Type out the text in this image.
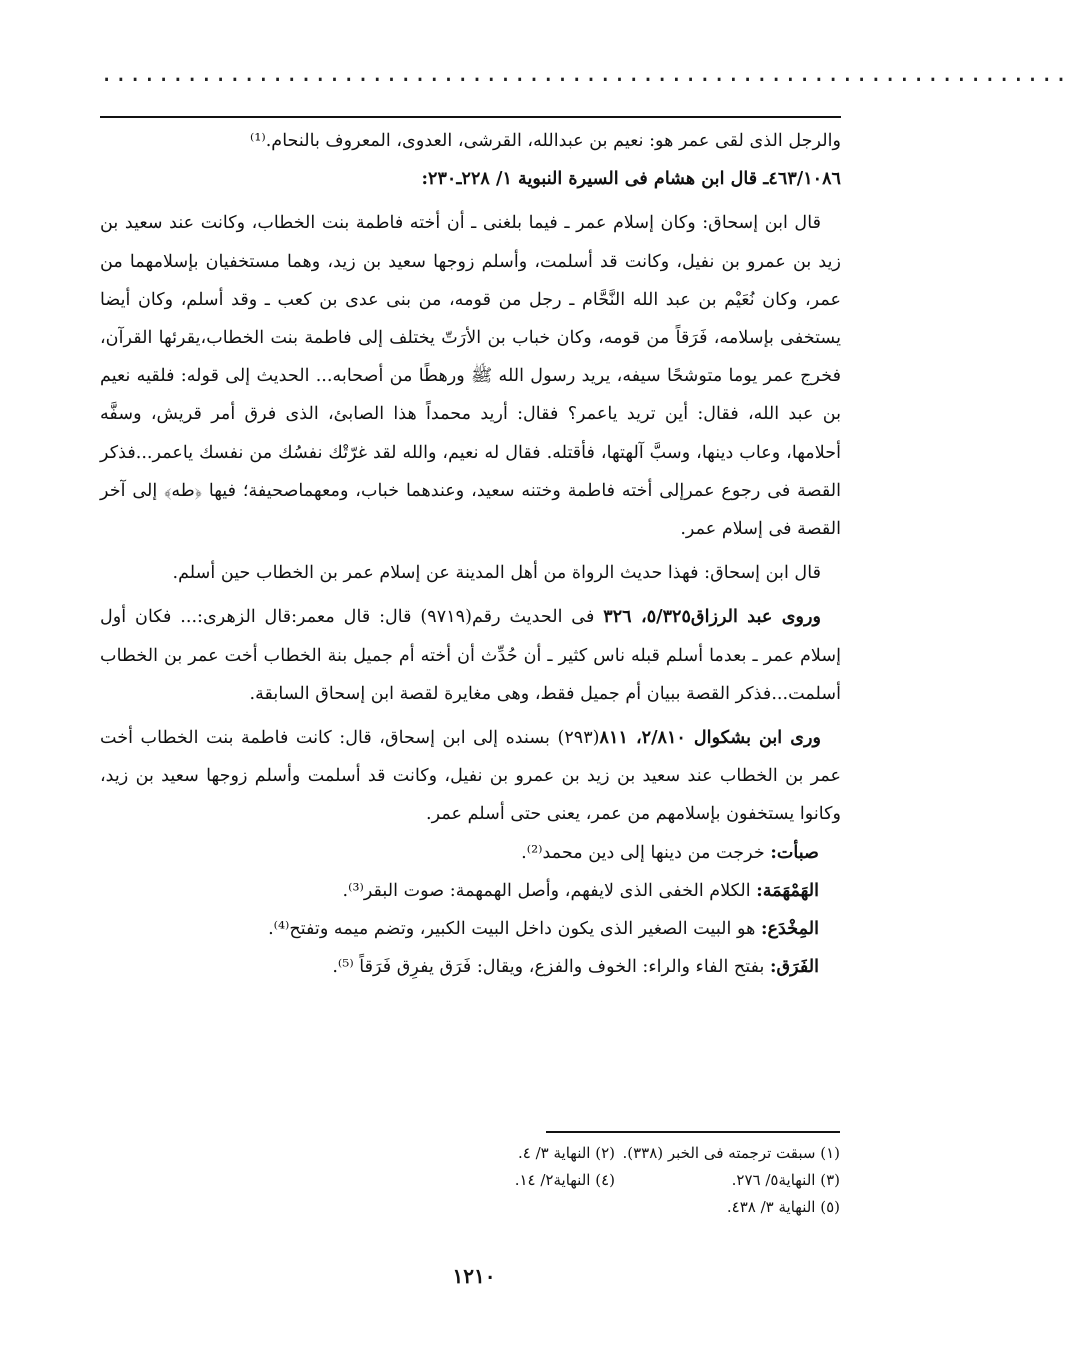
....................................................................

والرجل الذى لقى عمر هو: نعيم بن عبدالله، القرشى، العدوى، المعروف بالنحام.⁽¹⁾

٤٦٣/١٠٨٦ـ قال ابن هشام فى السيرة النبوية ١/ ٢٢٨ـ٢٣٠:

قال ابن إسحاق: وكان إسلام عمر ـ فيما بلغنى ـ أن أخته فاطمة بنت الخطاب، وكانت عند سعيد بن زيد بن عمرو بن نفيل، وكانت قد أسلمت، وأسلم زوجها سعيد بن زيد، وهما مستخفيان بإسلامهما من عمر، وكان نُعَيْم بن عبد الله النَّحَّام ـ رجل من قومه، من بنى عدى بن كعب ـ وقد أسلم، وكان أيضا يستخفى بإسلامه، فَرَقاً من قومه، وكان خباب بن الأرَتّ يختلف إلى فاطمة بنت الخطاب،يقرئها القرآن، فخرج عمر يوما متوشحًا سيفه، يريد رسول الله ﷺ ورهطًا من أصحابه... الحديث إلى قوله: فلقيه نعيم بن عبد الله، فقال: أين تريد ياعمر؟ فقال: أريد محمداً هذا الصابئ، الذى فرق أمر قريش، وسفَّه أحلامها، وعاب دينها، وسبَّ آلهتها، فأقتله. فقال له نعيم، والله لقد غرّتْك نفسُك من نفسك ياعمر...فذكر القصة فى رجوع عمرإلى أخته فاطمة وختنه سعيد، وعندهما خباب، ومعهماصحيفة؛ فيها ﴿طه﴾ إلى آخر القصة فى إسلام عمر.

قال ابن إسحاق: فهذا حديث الرواة من أهل المدينة عن إسلام عمر بن الخطاب حين أسلم.

وروى عبد الرزاق٥/٣٢٥، ٣٢٦ فى الحديث رقم(٩٧١٩) قال: قال معمر:قال الزهرى:... فكان أول إسلام عمر ـ بعدما أسلم قبله ناس كثير ـ أن حُدِّث أن أخته أم جميل بنة الخطاب أخت عمر بن الخطاب أسلمت...فذكر القصة ببيان أم جميل فقط، وهى مغايرة لقصة ابن إسحاق السابقة.

ورى ابن بشكوال ٢/٨١٠، ٨١١(٢٩٣) بسنده إلى ابن إسحاق، قال: كانت فاطمة بنت الخطاب أخت عمر بن الخطاب عند سعيد بن زيد بن عمرو بن نفيل، وكانت قد أسلمت وأسلم زوجها سعيد بن زيد، وكانوا يستخفون بإسلامهم من عمر، يعنى حتى أسلم عمر.

صبأت: خرجت من دينها إلى دين محمد⁽²⁾.

الهَمْهَمَة: الكلام الخفى الذى لايفهم، وأصل الهمهمة: صوت البقر⁽³⁾.

المِخْدَع: هو البيت الصغير الذى يكون داخل البيت الكبير، وتضم ميمه وتفتح⁽⁴⁾.

الفَرَق: بفتح الفاء والراء: الخوف والفزع، ويقال: فَرَق يفرِق فَرَقاً ⁽⁵⁾.

(١) سبقت ترجمته فى الخبر (٣٣٨).
(٢) النهاية ٣/ ٤.
(٣) النهاية٥/ ٢٧٦.
(٤) النهاية٢/ ١٤.
(٥) النهاية ٣/ ٤٣٨.
١٢١٠
